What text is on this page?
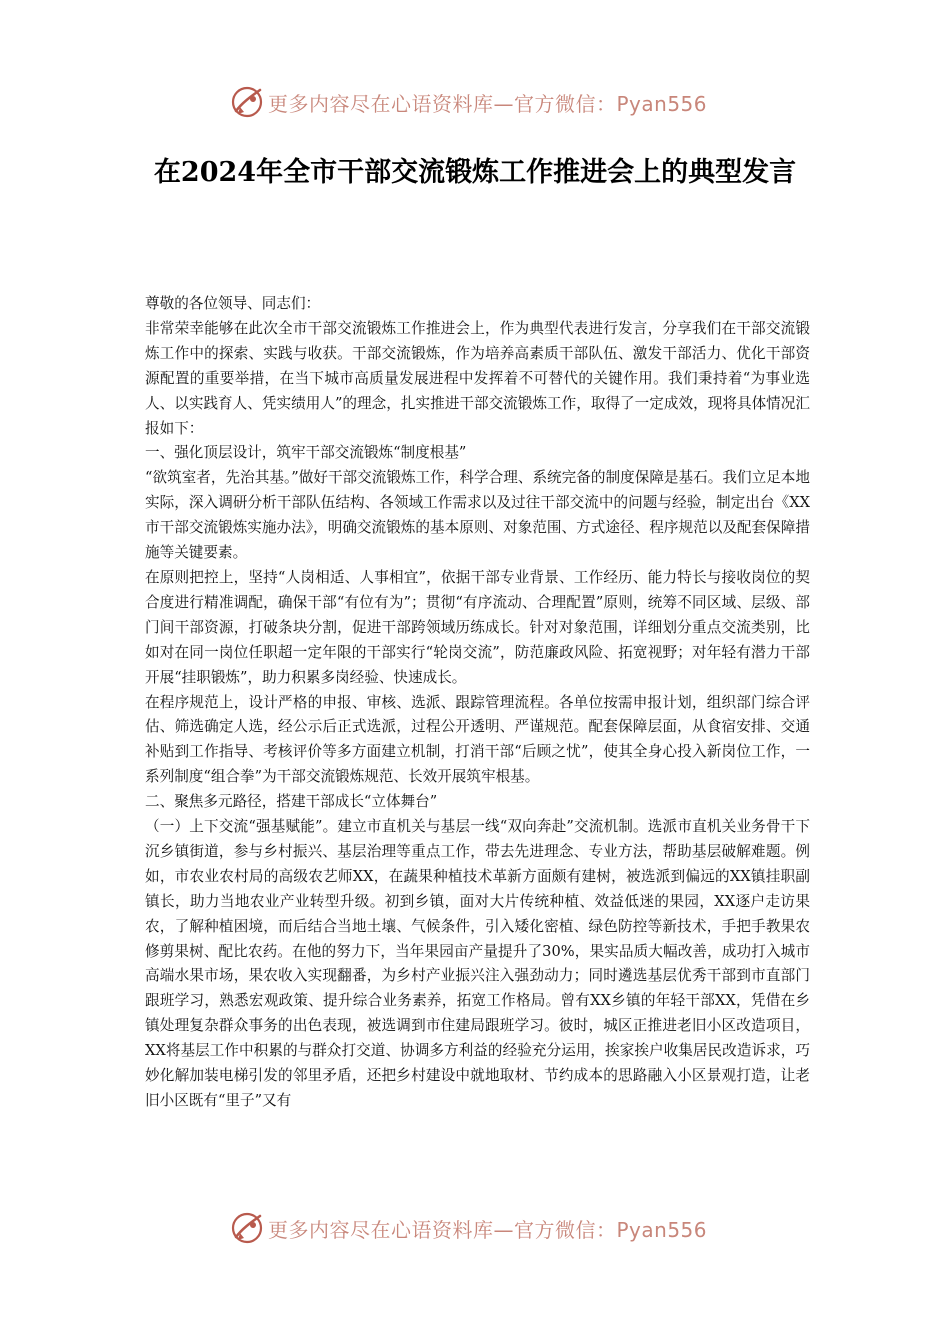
更多内容尽在心语资料库—官方微信：Pyan556
在2024年全市干部交流锻炼工作推进会上的典型发言

尊敬的各位领导、同志们：

非常荣幸能够在此次全市干部交流锻炼工作推进会上，作为典型代表进行发言，分享我们在干部交流锻炼工作中的探索、实践与收获。干部交流锻炼，作为培养高素质干部队伍、激发干部活力、优化干部资源配置的重要举措，在当下城市高质量发展进程中发挥着不可替代的关键作用。我们秉持着“为事业选人、以实践育人、凭实绩用人”的理念，扎实推进干部交流锻炼工作，取得了一定成效，现将具体情况汇报如下：

一、强化顶层设计，筑牢干部交流锻炼“制度根基”

“欲筑室者，先治其基。”做好干部交流锻炼工作，科学合理、系统完备的制度保障是基石。我们立足本地实际，深入调研分析干部队伍结构、各领域工作需求以及过往干部交流中的问题与经验，制定出台《XX市干部交流锻炼实施办法》，明确交流锻炼的基本原则、对象范围、方式途径、程序规范以及配套保障措施等关键要素。

在原则把控上，坚持“人岗相适、人事相宜”，依据干部专业背景、工作经历、能力特长与接收岗位的契合度进行精准调配，确保干部“有位有为”；贯彻“有序流动、合理配置”原则，统筹不同区域、层级、部门间干部资源，打破条块分割，促进干部跨领域历练成长。针对对象范围，详细划分重点交流类别，比如对在同一岗位任职超一定年限的干部实行“轮岗交流”，防范廉政风险、拓宽视野；对年轻有潜力干部开展“挂职锻炼”，助力积累多岗经验、快速成长。

在程序规范上，设计严格的申报、审核、选派、跟踪管理流程。各单位按需申报计划，组织部门综合评估、筛选确定人选，经公示后正式选派，过程公开透明、严谨规范。配套保障层面，从食宿安排、交通补贴到工作指导、考核评价等多方面建立机制，打消干部“后顾之忧”，使其全身心投入新岗位工作，一系列制度“组合拳”为干部交流锻炼规范、长效开展筑牢根基。

二、聚焦多元路径，搭建干部成长“立体舞台”

（一）上下交流“强基赋能”。建立市直机关与基层一线“双向奔赴”交流机制。选派市直机关业务骨干下沉乡镇街道，参与乡村振兴、基层治理等重点工作，带去先进理念、专业方法，帮助基层破解难题。例如，市农业农村局的高级农艺师XX，在蔬果种植技术革新方面颇有建树，被选派到偏远的XX镇挂职副镇长，助力当地农业产业转型升级。初到乡镇，面对大片传统种植、效益低迷的果园，XX逐户走访果农，了解种植困境，而后结合当地土壤、气候条件，引入矮化密植、绿色防控等新技术，手把手教果农修剪果树、配比农药。在他的努力下，当年果园亩产量提升了30%，果实品质大幅改善，成功打入城市高端水果市场，果农收入实现翻番，为乡村产业振兴注入强劲动力；同时遴选基层优秀干部到市直部门跟班学习，熟悉宏观政策、提升综合业务素养，拓宽工作格局。曾有XX乡镇的年轻干部XX，凭借在乡镇处理复杂群众事务的出色表现，被选调到市住建局跟班学习。彼时，城区正推进老旧小区改造项目，XX将基层工作中积累的与群众打交道、协调多方利益的经验充分运用，挨家挨户收集居民改造诉求，巧妙化解加装电梯引发的邻里矛盾，还把乡村建设中就地取材、节约成本的思路融入小区景观打造，让老旧小区既有“里子”又有

更多内容尽在心语资料库—官方微信：Pyan556
